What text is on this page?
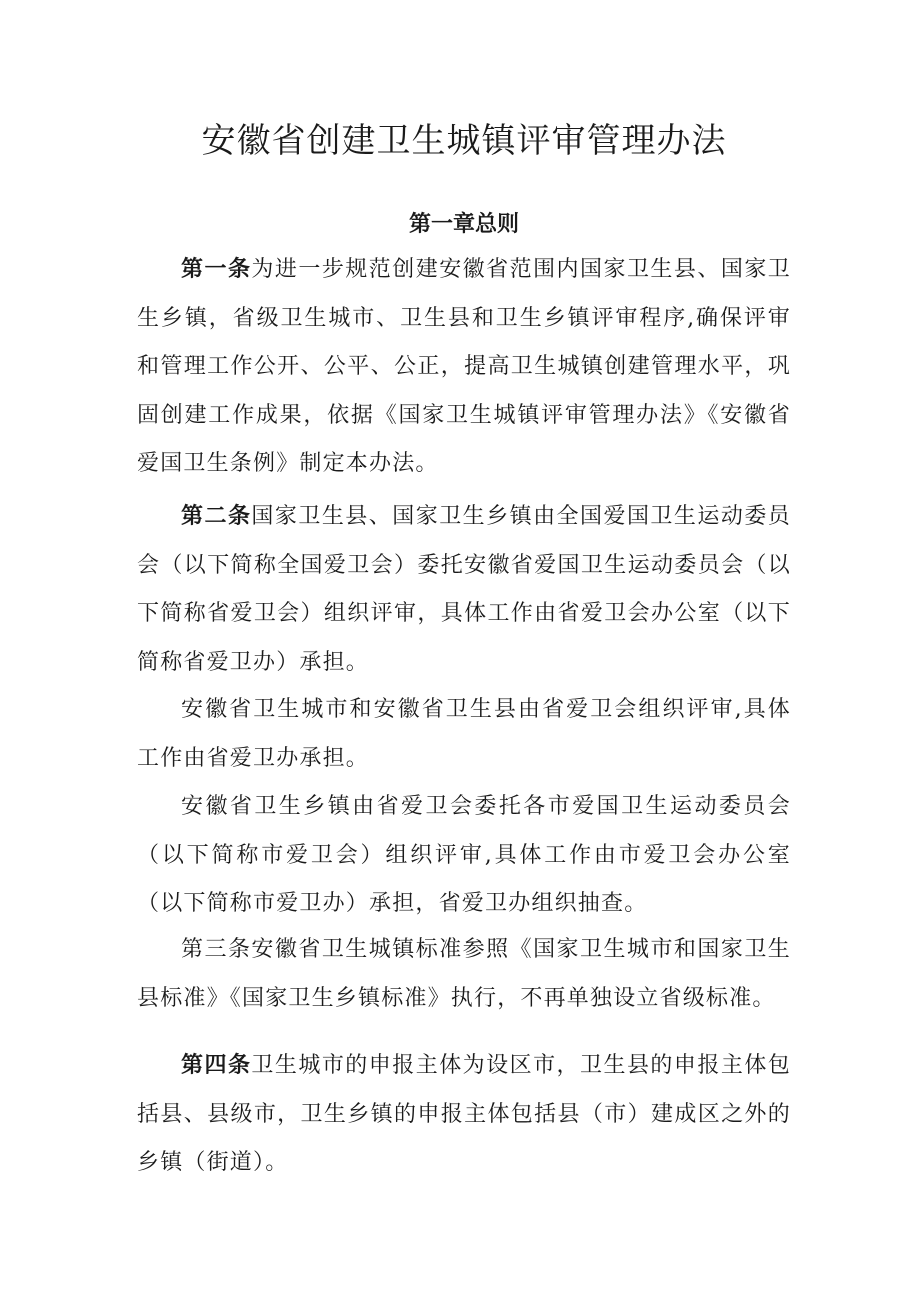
安徽省创建卫生城镇评审管理办法
第一章总则

第一条为进一步规范创建安徽省范围内国家卫生县、国家卫生乡镇，省级卫生城市、卫生县和卫生乡镇评审程序,确保评审和管理工作公开、公平、公正，提高卫生城镇创建管理水平，巩固创建工作成果，依据《国家卫生城镇评审管理办法》《安徽省爱国卫生条例》制定本办法。

第二条国家卫生县、国家卫生乡镇由全国爱国卫生运动委员会（以下简称全国爱卫会）委托安徽省爱国卫生运动委员会（以下简称省爱卫会）组织评审，具体工作由省爱卫会办公室（以下简称省爱卫办）承担。

安徽省卫生城市和安徽省卫生县由省爱卫会组织评审,具体工作由省爱卫办承担。

安徽省卫生乡镇由省爱卫会委托各市爱国卫生运动委员会（以下简称市爱卫会）组织评审,具体工作由市爱卫会办公室（以下简称市爱卫办）承担，省爱卫办组织抽查。

第三条安徽省卫生城镇标准参照《国家卫生城市和国家卫生县标准》《国家卫生乡镇标准》执行，不再单独设立省级标准。

第四条卫生城市的申报主体为设区市，卫生县的申报主体包括县、县级市，卫生乡镇的申报主体包括县（市）建成区之外的乡镇（街道）。
